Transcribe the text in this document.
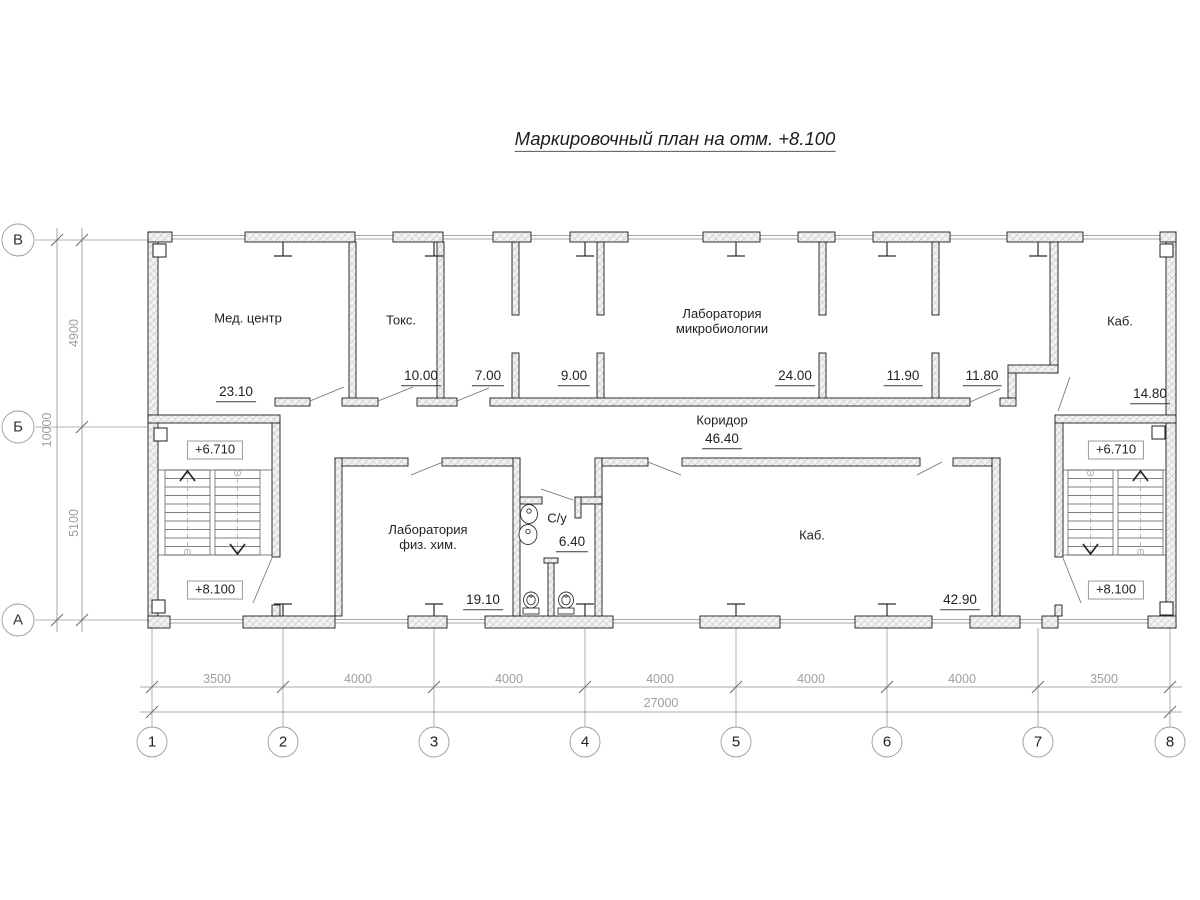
Маркировочный план на отм. +8.100
В
Б
А
1	2	3	4	5	6	7	8
4900
5100
10000
3500	4000	4000	4000	4000	4000	3500
27000
Мед. центр
23.10
Токс.
10.00	7.00	9.00
Лаборатория микробиологии
24.00	11.90	11.80
Каб.
14.80
Коридор
46.40
Лаборатория физ. хим.
19.10
С/у
6.40	Каб.
42.90
+6.710
+8.100
+6.710
+8.100
